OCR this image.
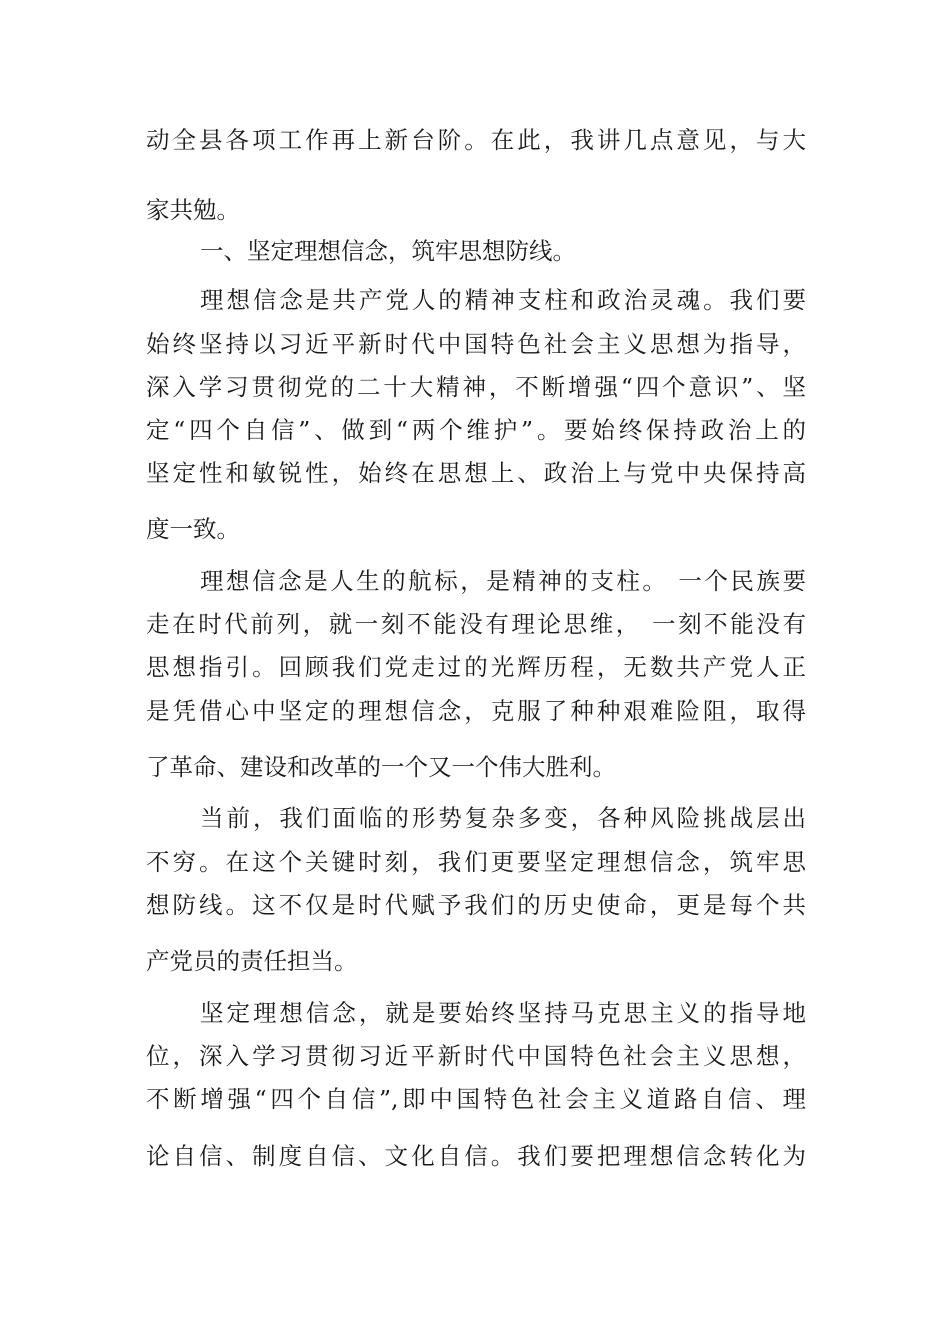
动全县各项工作再上新台阶。在此，我讲几点意见，与大
家共勉。
一、坚定理想信念，筑牢思想防线。
理想信念是共产党人的精神支柱和政治灵魂。我们要
始终坚持以习近平新时代中国特色社会主义思想为指导，
深入学习贯彻党的二十大精神，不断增强“四个意识”、坚
定“四个自信”、做到“两个维护”。要始终保持政治上的
坚定性和敏锐性，始终在思想上、政治上与党中央保持高
度一致。
理想信念是人生的航标，是精神的支柱。 一个民族要
走在时代前列，就一刻不能没有理论思维， 一刻不能没有
思想指引。回顾我们党走过的光辉历程，无数共产党人正
是凭借心中坚定的理想信念，克服了种种艰难险阻，取得
了革命、建设和改革的一个又一个伟大胜利。
当前，我们面临的形势复杂多变，各种风险挑战层出
不穷。在这个关键时刻，我们更要坚定理想信念，筑牢思
想防线。这不仅是时代赋予我们的历史使命，更是每个共
产党员的责任担当。
坚定理想信念，就是要始终坚持马克思主义的指导地
位，深入学习贯彻习近平新时代中国特色社会主义思想，
不断增强“四个自信”,即中国特色社会主义道路自信、理
论自信、制度自信、文化自信。我们要把理想信念转化为
